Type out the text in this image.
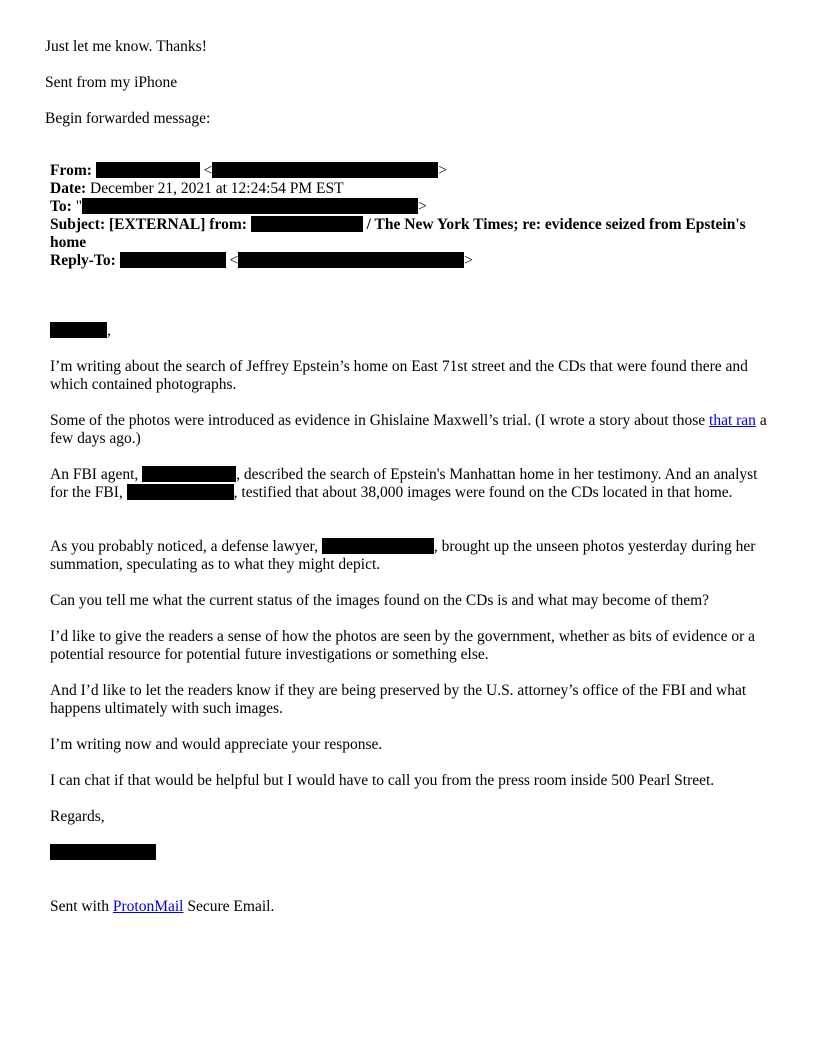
Just let me know. Thanks!
Sent from my iPhone
Begin forwarded message:
From:	<	>
Date: December 21, 2021 at 12:24:54 PM EST
To: "	>
Subject: [EXTERNAL] from:	/ The New York Times; re: evidence seized from Epstein's
home
Reply-To:	<	>
,

I’m writing about the search of Jeffrey Epstein’s home on East 71st street and the CDs that were found there and which contained photographs.

Some of the photos were introduced as evidence in Ghislaine Maxwell’s trial. (I wrote a story about those that ran a few days ago.)

An FBI agent,	, described the search of Epstein's Manhattan home in her testimony. And an analyst for the FBI,	, testified that about 38,000 images were found on the CDs located in that home.

As you probably noticed, a defense lawyer,	, brought up the unseen photos yesterday during her summation, speculating as to what they might depict.

Can you tell me what the current status of the images found on the CDs is and what may become of them?

I’d like to give the readers a sense of how the photos are seen by the government, whether as bits of evidence or a potential resource for potential future investigations or something else.

And I’d like to let the readers know if they are being preserved by the U.S. attorney’s office of the FBI and what happens ultimately with such images.

I’m writing now and would appreciate your response.

I can chat if that would be helpful but I would have to call you from the press room inside 500 Pearl Street.

Regards,

Sent with ProtonMail Secure Email.
